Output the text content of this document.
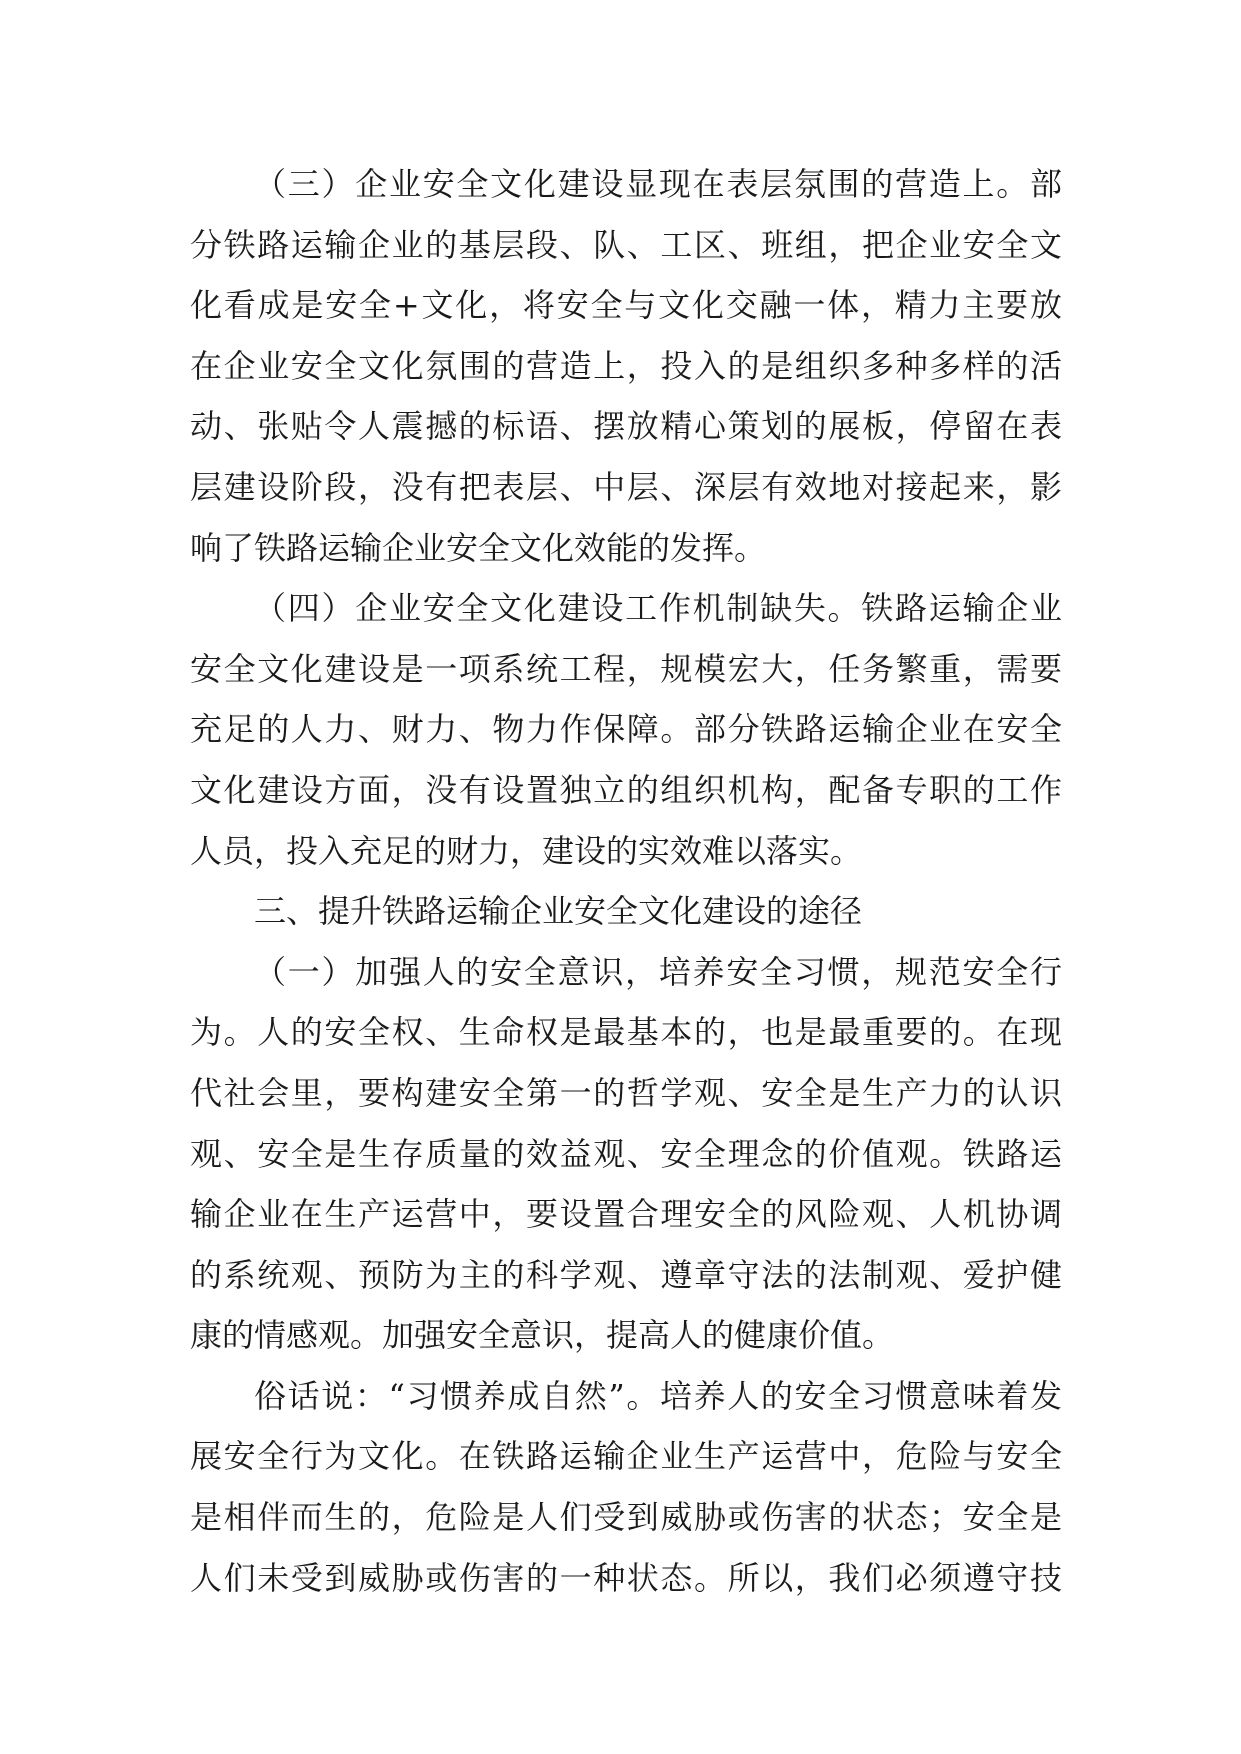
（三）企业安全文化建设显现在表层氛围的营造上。部
分铁路运输企业的基层段、队、工区、班组，把企业安全文
化看成是安全+文化，将安全与文化交融一体，精力主要放
在企业安全文化氛围的营造上，投入的是组织多种多样的活
动、张贴令人震撼的标语、摆放精心策划的展板，停留在表
层建设阶段，没有把表层、中层、深层有效地对接起来，影
响了铁路运输企业安全文化效能的发挥。
（四）企业安全文化建设工作机制缺失。铁路运输企业
安全文化建设是一项系统工程，规模宏大，任务繁重，需要
充足的人力、财力、物力作保障。部分铁路运输企业在安全
文化建设方面，没有设置独立的组织机构，配备专职的工作
人员，投入充足的财力，建设的实效难以落实。
三、提升铁路运输企业安全文化建设的途径
（一）加强人的安全意识，培养安全习惯，规范安全行
为。人的安全权、生命权是最基本的，也是最重要的。在现
代社会里，要构建安全第一的哲学观、安全是生产力的认识
观、安全是生存质量的效益观、安全理念的价值观。铁路运
输企业在生产运营中，要设置合理安全的风险观、人机协调
的系统观、预防为主的科学观、遵章守法的法制观、爱护健
康的情感观。加强安全意识，提高人的健康价值。
俗话说：“习惯养成自然”。培养人的安全习惯意味着发
展安全行为文化。在铁路运输企业生产运营中，危险与安全
是相伴而生的，危险是人们受到威胁或伤害的状态；安全是
人们未受到威胁或伤害的一种状态。所以，我们必须遵守技
